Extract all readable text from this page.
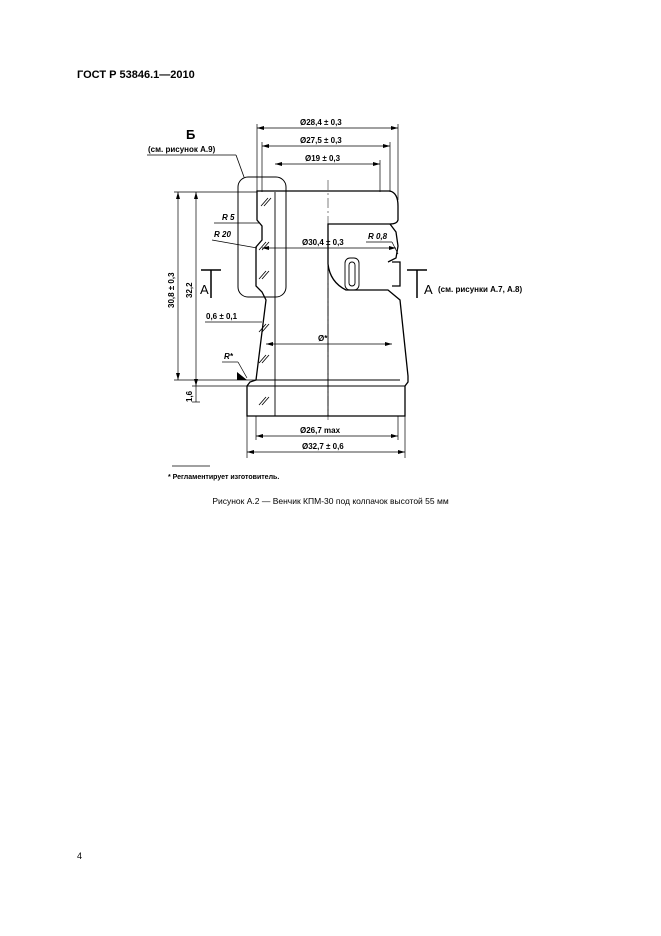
ГОСТ Р 53846.1—2010
Б
(см. рисунок А.9)
Ø28,4 ± 0,3
Ø27,5 ± 0,3
Ø19 ± 0,3
Ø30,4 ± 0,3
Ø*
Ø26,7 max
Ø32,7 ± 0,6
R 5
R 20	R 0,8
R*
0,6 ± 0,1
30,8 ± 0,3 32,2
1,6
А	А (см. рисунки А.7, А.8)
* Регламентирует изготовитель.
Рисунок А.2 — Венчик КПМ-30 под колпачок высотой 55 мм
4
